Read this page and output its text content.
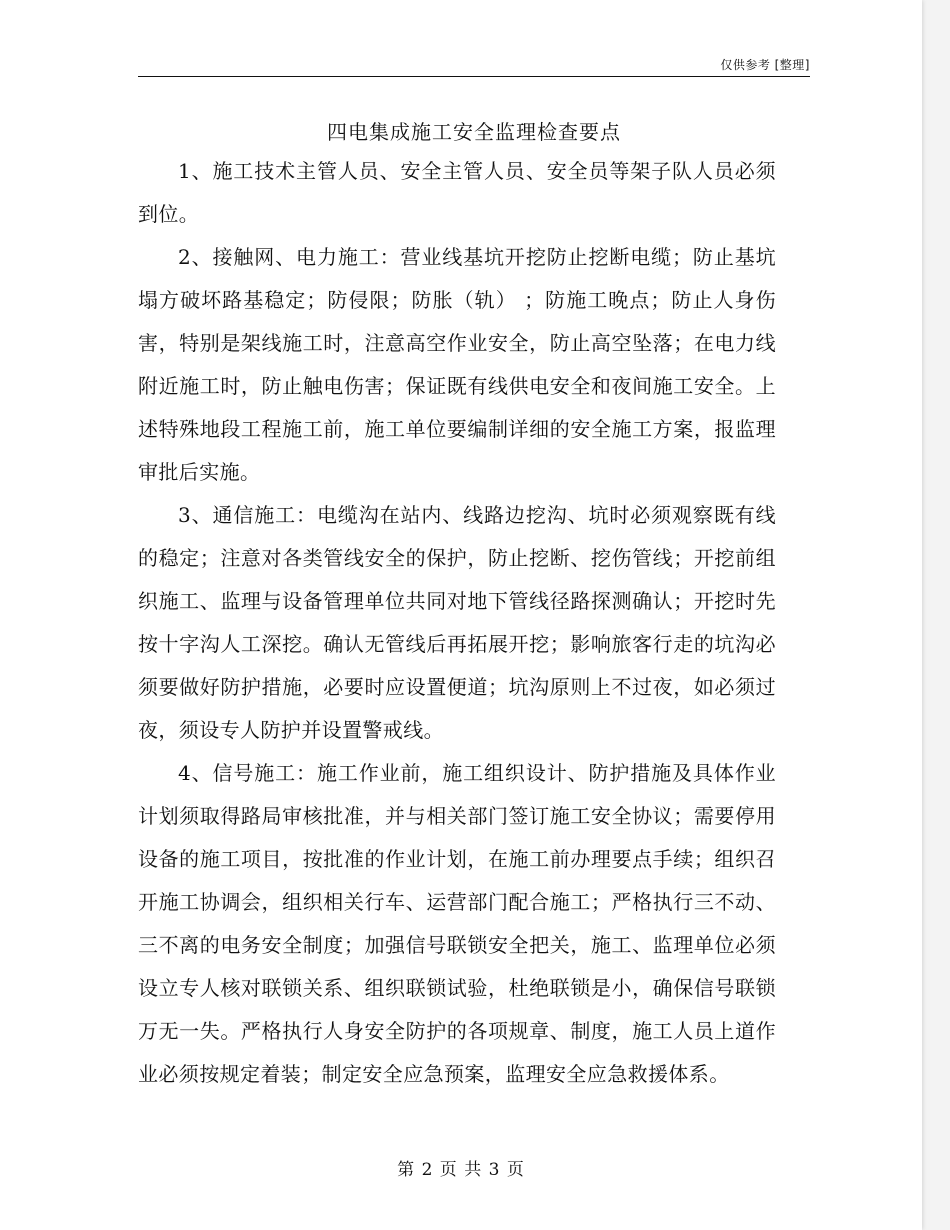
仅供参考 [整理]
四电集成施工安全监理检查要点

1、施工技术主管人员、安全主管人员、安全员等架子队人员必须到位。

2、接触网、电力施工：营业线基坑开挖防止挖断电缆；防止基坑塌方破坏路基稳定；防侵限；防胀（轨） ；防施工晚点；防止人身伤害，特别是架线施工时，注意高空作业安全，防止高空坠落；在电力线附近施工时，防止触电伤害；保证既有线供电安全和夜间施工安全。上述特殊地段工程施工前，施工单位要编制详细的安全施工方案，报监理审批后实施。

3、通信施工：电缆沟在站内、线路边挖沟、坑时必须观察既有线的稳定；注意对各类管线安全的保护，防止挖断、挖伤管线；开挖前组织施工、监理与设备管理单位共同对地下管线径路探测确认；开挖时先按十字沟人工深挖。确认无管线后再拓展开挖；影响旅客行走的坑沟必须要做好防护措施，必要时应设置便道；坑沟原则上不过夜，如必须过夜，须设专人防护并设置警戒线。

4、信号施工：施工作业前，施工组织设计、防护措施及具体作业计划须取得路局审核批准，并与相关部门签订施工安全协议；需要停用设备的施工项目，按批准的作业计划，在施工前办理要点手续；组织召开施工协调会，组织相关行车、运营部门配合施工；严格执行三不动、三不离的电务安全制度；加强信号联锁安全把关，施工、监理单位必须设立专人核对联锁关系、组织联锁试验，杜绝联锁是小，确保信号联锁万无一失。严格执行人身安全防护的各项规章、制度，施工人员上道作业必须按规定着装；制定安全应急预案，监理安全应急救援体系。

第 2 页 共 3 页
